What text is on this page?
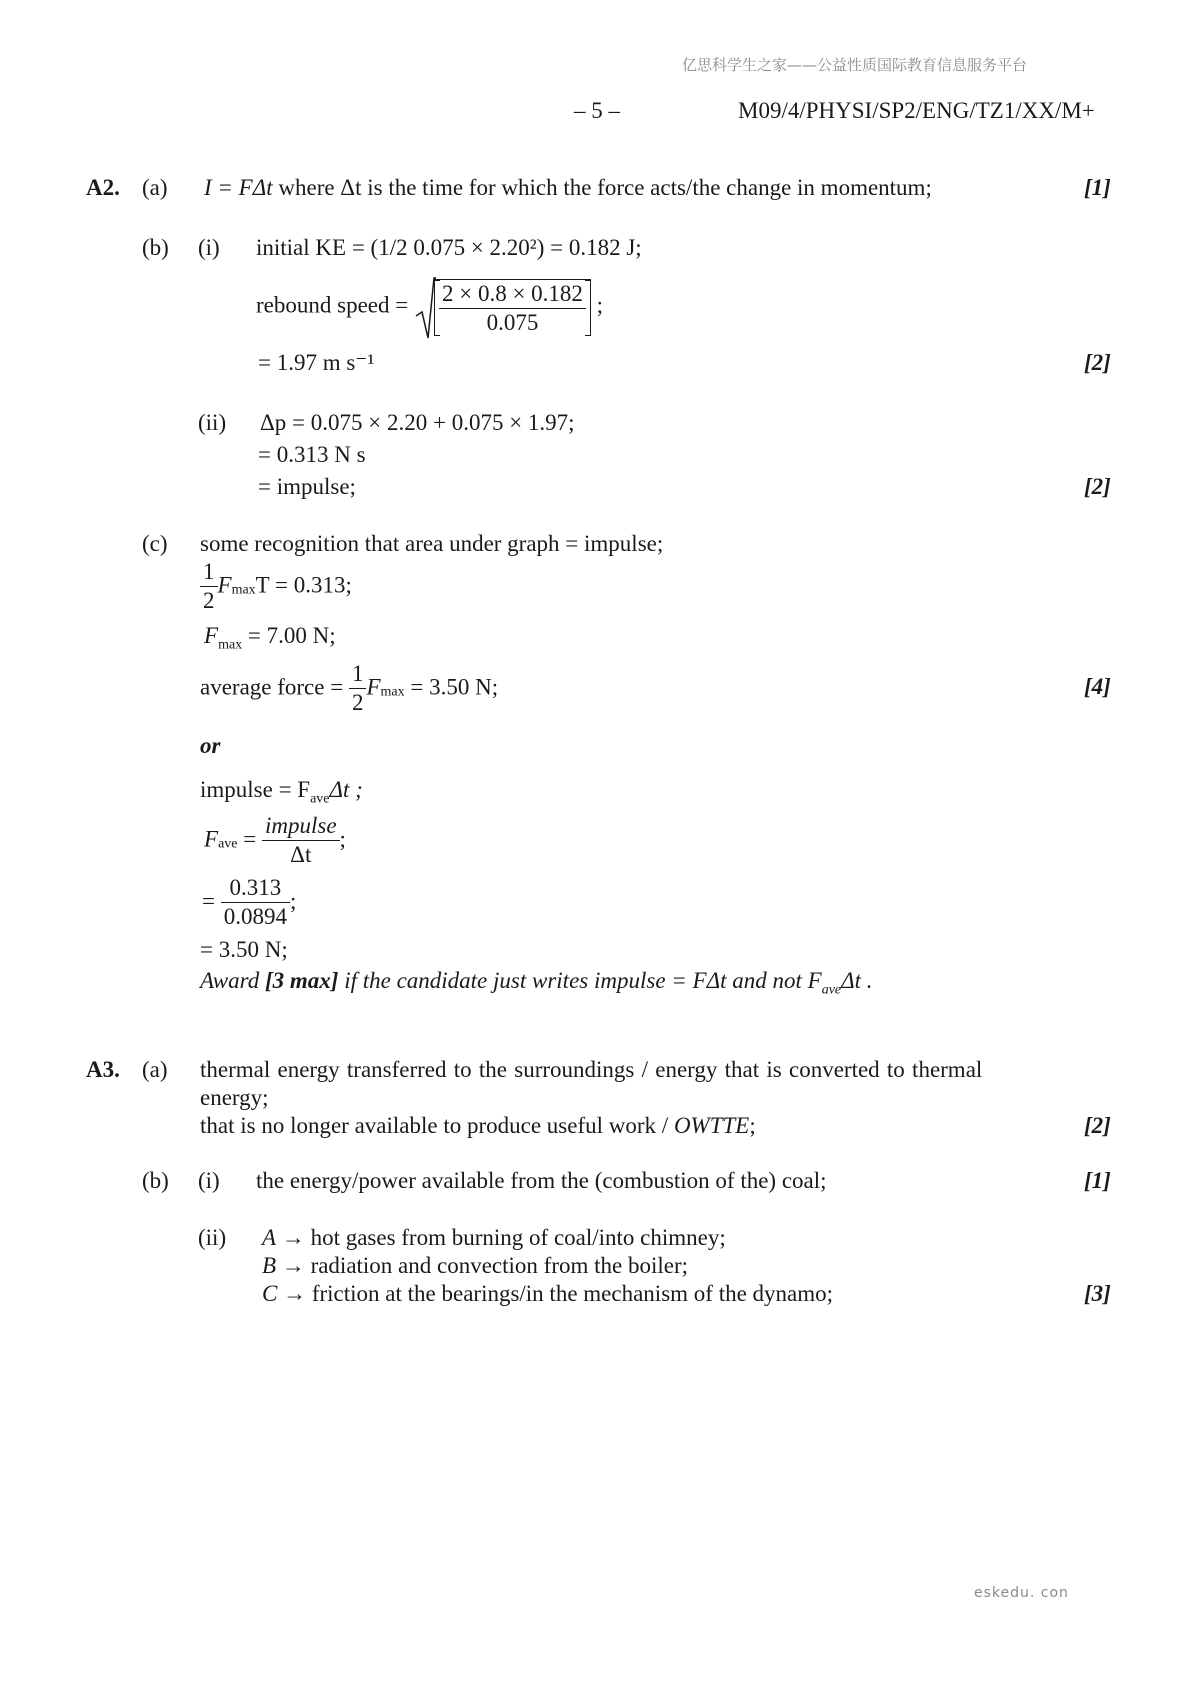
亿思科学生之家——公益性质国际教育信息服务平台
– 5 –	M09/4/PHYSI/SP2/ENG/TZ1/XX/M+
A2. (a) I = FΔt where Δt is the time for which the force acts/the change in momentum;	[1]
(b) (i) initial KE = (1/2 0.075 × 2.20²) = 0.182 J;
rebound speed = $\frac{2 \times 0.8 \times 0.182}{0.075}$ ;
= 1.97 m s⁻¹	[2]
(ii) Δp = 0.075 × 2.20 + 0.075 × 1.97;
= 0.313 N s
= impulse;	[2]
(c) some recognition that area under graph = impulse;
$\frac{1}{2} F_{max}T = 0.313$;
$F_{max} = 7.00$ N;
average force = $\frac{1}{2} F_{max} = 3.50$ N;	[4]
or
impulse = $F_{ave}\Delta t$ ;
$F_{ave} = \frac{\text{impulse}}{\Delta t}$ ;
= $\frac{0.313}{0.0894}$ ;
= 3.50 N;
Award [3 max] if the candidate just writes impulse = FΔt and not $F_{ave}\Delta t$ .
A3. (a) thermal energy transferred to the surroundings / energy that is converted to thermal
energy;
that is no longer available to produce useful work / OWTTE;	[2]
(b) (i) the energy/power available from the (combustion of the) coal;	[1]
(ii) A → hot gases from burning of coal/into chimney;
B → radiation and convection from the boiler;
C → friction at the bearings/in the mechanism of the dynamo;	[3]
eskedu. con
